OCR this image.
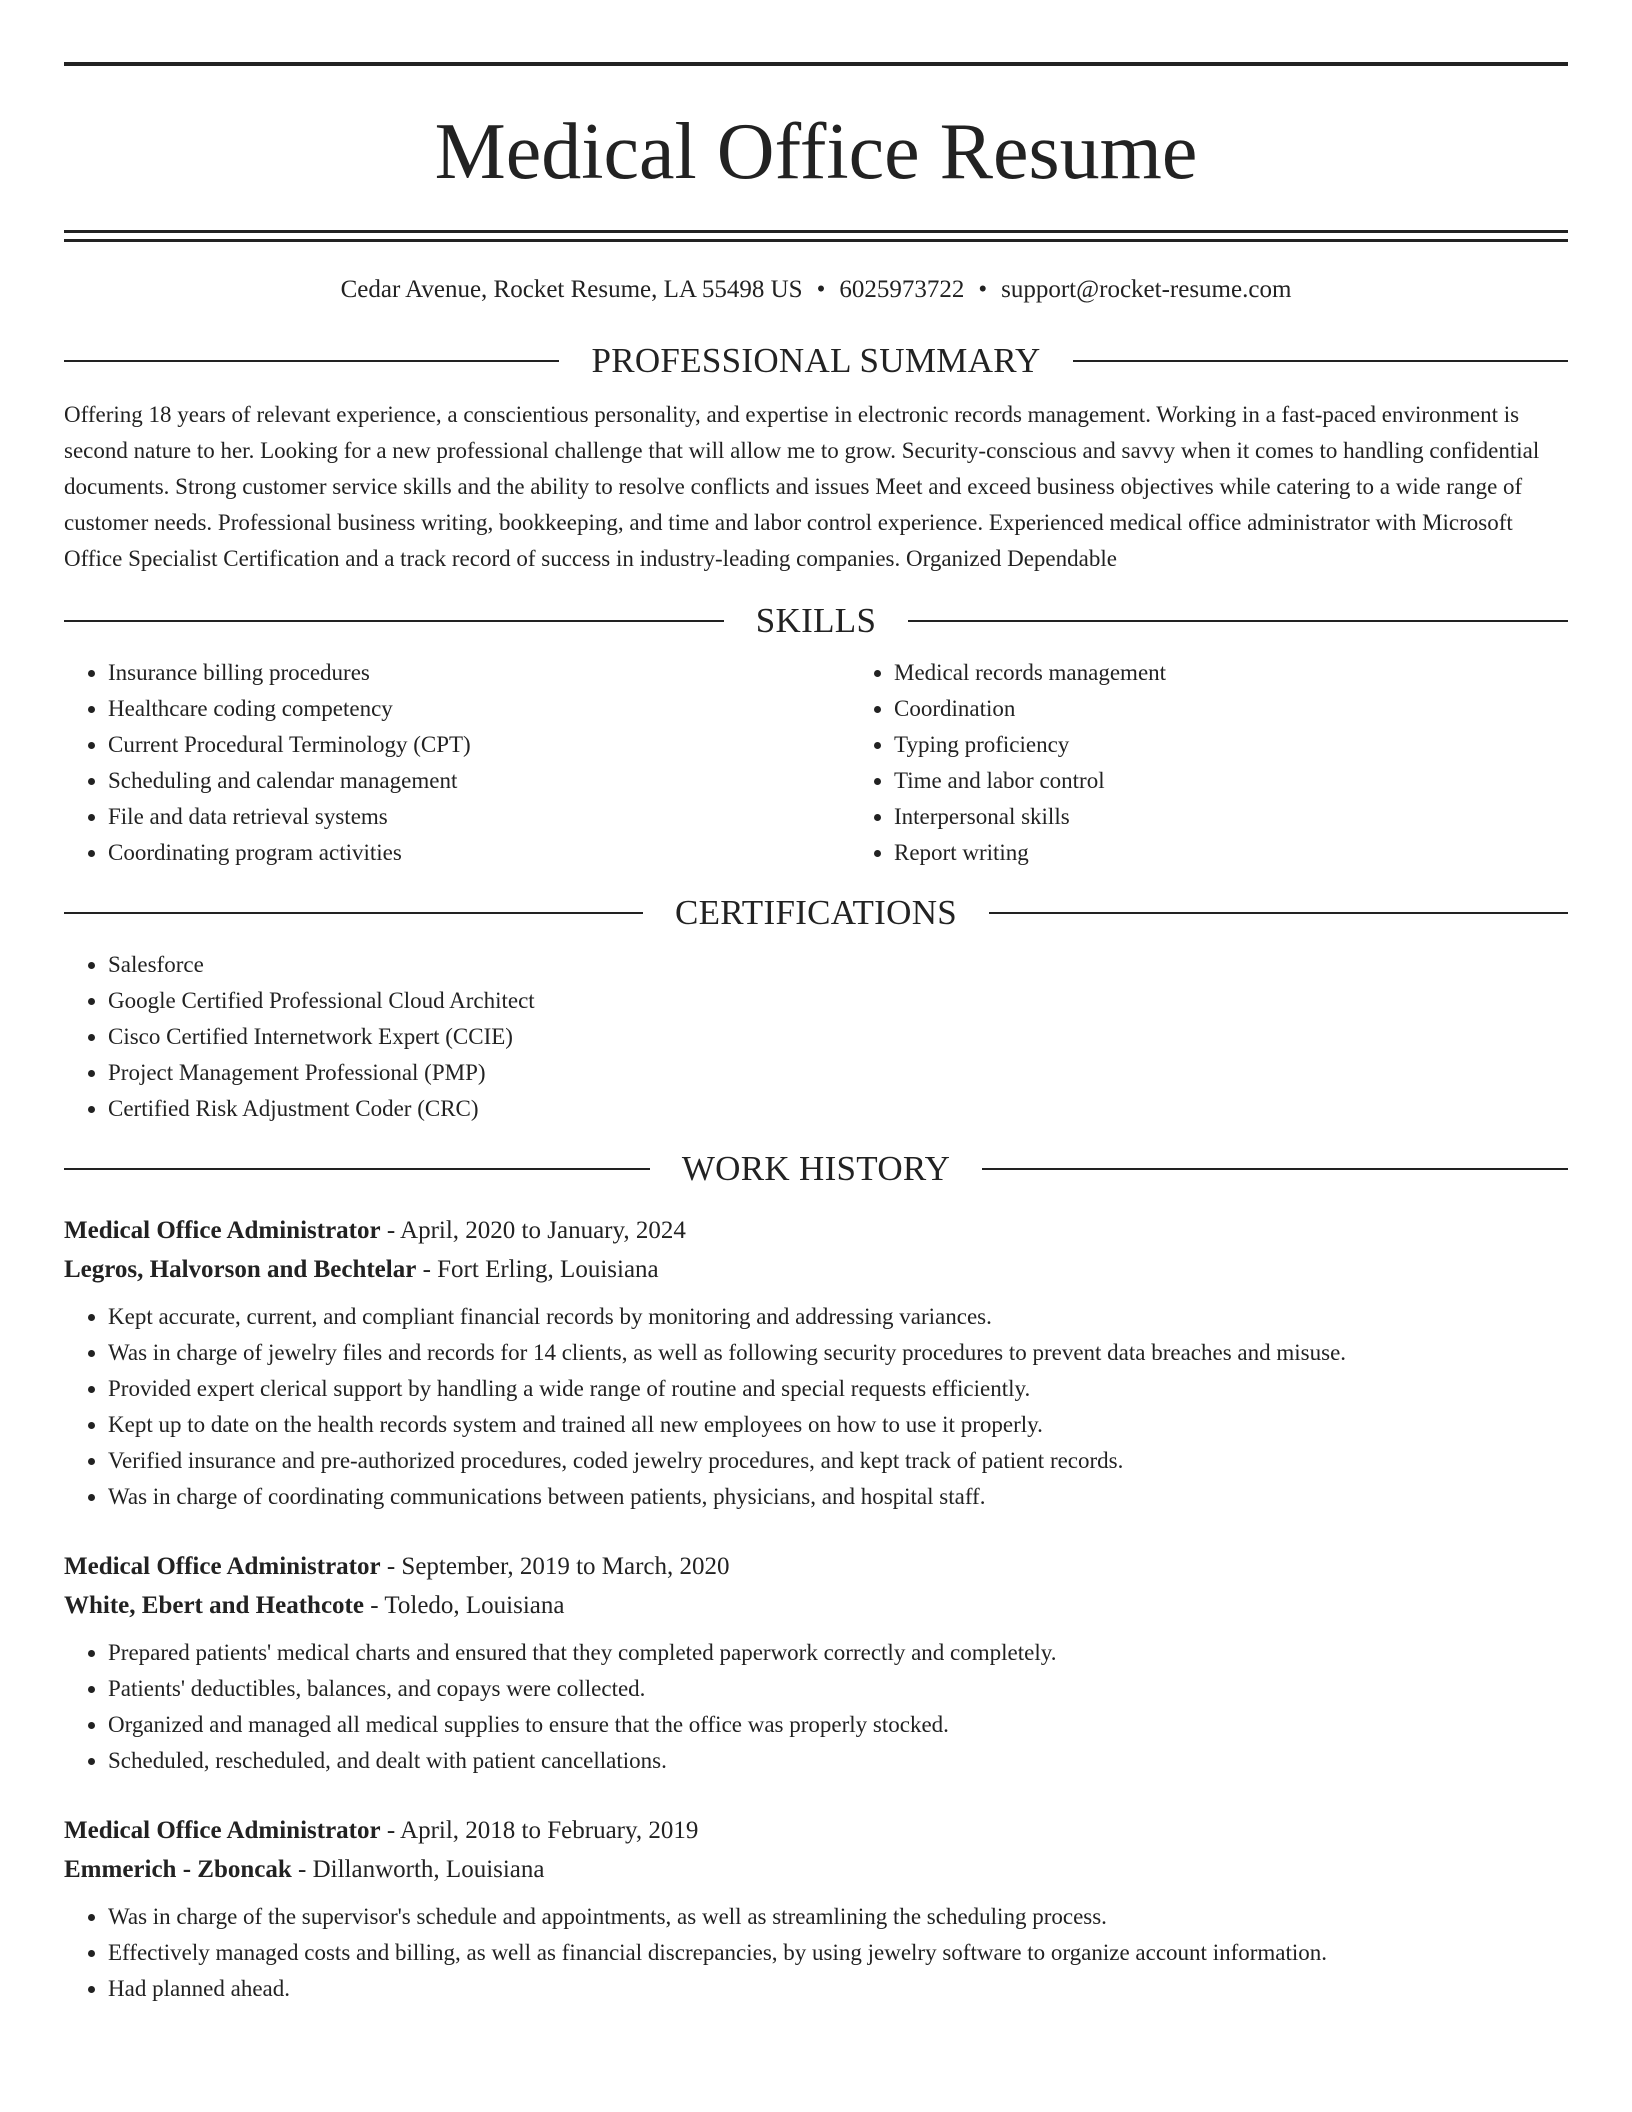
Medical Office Resume
Cedar Avenue, Rocket Resume, LA 55498 US • 6025973722 • support@rocket-resume.com
PROFESSIONAL SUMMARY
Offering 18 years of relevant experience, a conscientious personality, and expertise in electronic records management. Working in a fast-paced environment is second nature to her. Looking for a new professional challenge that will allow me to grow. Security-conscious and savvy when it comes to handling confidential documents. Strong customer service skills and the ability to resolve conflicts and issues Meet and exceed business objectives while catering to a wide range of customer needs. Professional business writing, bookkeeping, and time and labor control experience. Experienced medical office administrator with Microsoft Office Specialist Certification and a track record of success in industry-leading companies. Organized Dependable
SKILLS
• Insurance billing procedures
• Healthcare coding competency
• Current Procedural Terminology (CPT)
• Scheduling and calendar management
• File and data retrieval systems
• Coordinating program activities
• Medical records management
• Coordination
• Typing proficiency
• Time and labor control
• Interpersonal skills
• Report writing
CERTIFICATIONS
• Salesforce
• Google Certified Professional Cloud Architect
• Cisco Certified Internetwork Expert (CCIE)
• Project Management Professional (PMP)
• Certified Risk Adjustment Coder (CRC)
WORK HISTORY
Medical Office Administrator - April, 2020 to January, 2024
Legros, Halvorson and Bechtelar - Fort Erling, Louisiana
• Kept accurate, current, and compliant financial records by monitoring and addressing variances.
• Was in charge of jewelry files and records for 14 clients, as well as following security procedures to prevent data breaches and misuse.
• Provided expert clerical support by handling a wide range of routine and special requests efficiently.
• Kept up to date on the health records system and trained all new employees on how to use it properly.
• Verified insurance and pre-authorized procedures, coded jewelry procedures, and kept track of patient records.
• Was in charge of coordinating communications between patients, physicians, and hospital staff.
Medical Office Administrator - September, 2019 to March, 2020
White, Ebert and Heathcote - Toledo, Louisiana
• Prepared patients' medical charts and ensured that they completed paperwork correctly and completely.
• Patients' deductibles, balances, and copays were collected.
• Organized and managed all medical supplies to ensure that the office was properly stocked.
• Scheduled, rescheduled, and dealt with patient cancellations.
Medical Office Administrator - April, 2018 to February, 2019
Emmerich - Zboncak - Dillanworth, Louisiana
• Was in charge of the supervisor's schedule and appointments, as well as streamlining the scheduling process.
• Effectively managed costs and billing, as well as financial discrepancies, by using jewelry software to organize account information.
• Had planned ahead.
